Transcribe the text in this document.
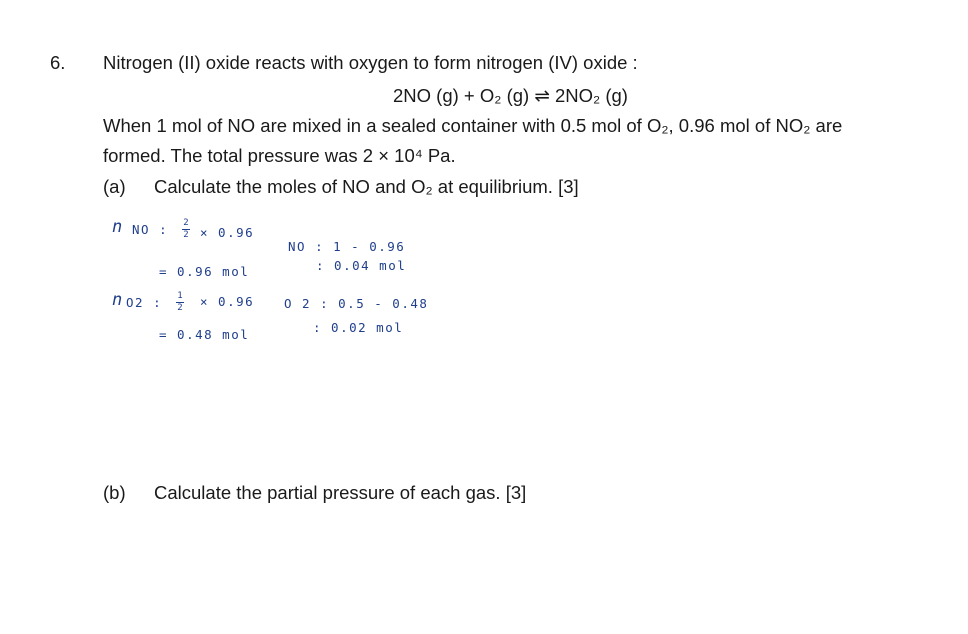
6. Nitrogen (II) oxide reacts with oxygen to form nitrogen (IV) oxide :
2NO (g) + O₂ (g) ⇌ 2NO₂ (g)
When 1 mol of NO are mixed in a sealed container with 0.5 mol of O₂, 0.96 mol of NO₂ are
formed. The total pressure was 2 × 10⁴ Pa.
(a) Calculate the moles of NO and O₂ at equilibrium. [3]
n NO : 2
2 × 0.96
= 0.96 mol
n O2 : 1
2 × 0.96
= 0.48 mol
NO : 1 - 0.96
: 0.04 mol
O 2 : 0.5 - 0.48
: 0.02 mol
(b) Calculate the partial pressure of each gas. [3]
